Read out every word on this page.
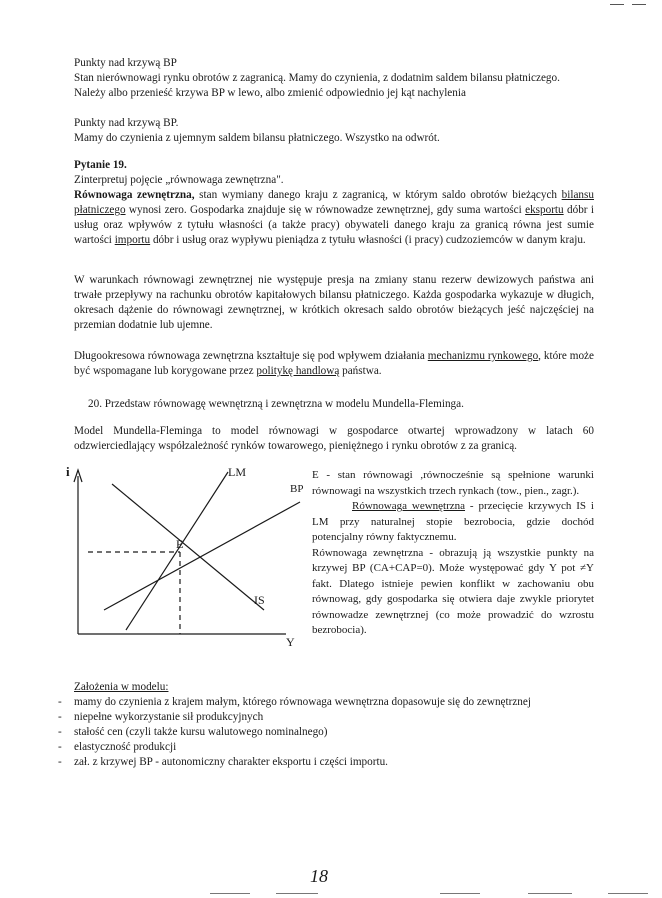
Punkty nad krzywą BP

Stan nierównowagi rynku obrotów z zagranicą. Mamy do czynienia, z dodatnim saldem bilansu płatniczego. Należy albo przenieść krzywa BP w lewo, albo zmienić odpowiednio jej kąt nachylenia

Punkty nad krzywą BP.

Mamy do czynienia z ujemnym saldem bilansu płatniczego. Wszystko na odwrót.

Pytanie 19.

Zinterpretuj pojęcie „równowaga zewnętrzna".

Równowaga zewnętrzna, stan wymiany danego kraju z zagranicą, w którym saldo obrotów bieżących bilansu płatniczego wynosi zero. Gospodarka znajduje się w równowadze zewnętrznej, gdy suma wartości eksportu dóbr i usług oraz wpływów z tytułu własności (a także pracy) obywateli danego kraju za granicą równa jest sumie wartości importu dóbr i usług oraz wypływu pieniądza z tytułu własności (i pracy) cudzoziemców w danym kraju.

W warunkach równowagi zewnętrznej nie występuje presja na zmiany stanu rezerw dewizowych państwa ani trwałe przepływy na rachunku obrotów kapitałowych bilansu płatniczego. Każda gospodarka wykazuje w długich, okresach dążenie do równowagi zewnętrznej, w krótkich okresach saldo obrotów bieżących jeść najczęściej na przemian dodatnie lub ujemne.
Długookresowa równowaga zewnętrzna kształtuje się pod wpływem działania mechanizmu rynkowego, które może być wspomagane lub korygowane przez politykę handlową państwa.
20. Przedstaw równowagę wewnętrzną i zewnętrzna w modelu Mundella-Fleminga.
Model Mundella-Fleminga to model równowagi w gospodarce otwartej wprowadzony w latach 60 odzwierciedlający współzależność rynków towarowego, pieniężnego i rynku obrotów z za granicą.
i	LM
BP
IS
E
Y

E - stan równowagi ,równocześnie są spełnione warunki równowagi na wszystkich trzech rynkach (tow., pien., zagr.).

Równowaga wewnętrzna - przecięcie krzywych IS i LM przy naturalnej stopie bezrobocia, gdzie dochód potencjalny równy faktycznemu.

Równowaga zewnętrzna - obrazują ją wszystkie punkty na krzywej BP (CA+CAP=0). Może występować gdy Y pot ≠Y fakt. Dlatego istnieje pewien konflikt w zachowaniu obu równowag, gdy gospodarka się otwiera daje zwykle priorytet równowadze zewnętrznej (co może prowadzić do wzrostu bezrobocia).

Założenia w modelu:

- mamy do czynienia z krajem małym, którego równowaga wewnętrzna dopasowuje się do zewnętrznej
- niepełne wykorzystanie sił produkcyjnych
- stałość cen (czyli także kursu walutowego nominalnego)
- elastyczność produkcji
- zał. z krzywej BP - autonomiczny charakter eksportu i części importu.
18
